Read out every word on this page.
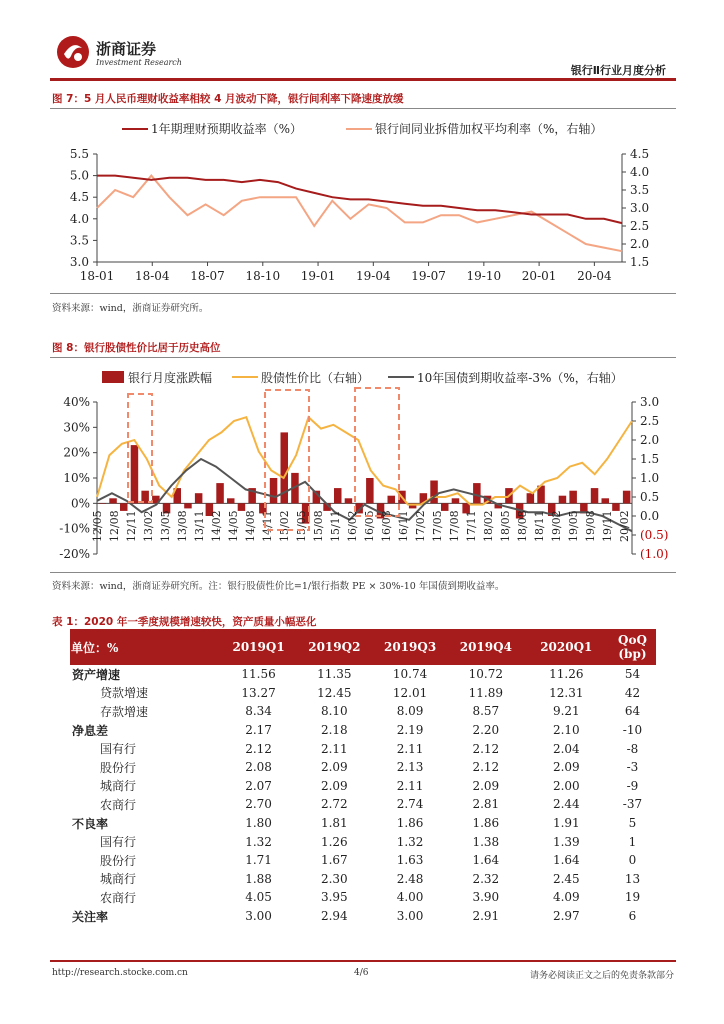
浙商证券
Investment Research
银行Ⅱ行业月度分析
图 7：5 月人民币理财收益率相较 4 月波动下降，银行间利率下降速度放缓
1年期理财预期收益率（%）	银行间同业拆借加权平均利率（%，右轴）
3.0
3.5
4.0
4.5
5.0
5.5
1.5
2.0
2.5
3.0
3.5
4.0
4.5
18-01 18-04 18-07 18-10 19-01 19-04 19-07 19-10 20-01 20-04
资料来源：wind，浙商证券研究所。
图 8：银行股债性价比居于历史高位
银行月度涨跌幅	股债性价比（右轴）	10年国债到期收益率-3%（%，右轴）
-20%
-10%
0%
10%
20%
30%
40%
(1.0)
(0.5)
0.0
0.5
1.0
1.5
2.0
2.5
3.0
12/05 12/08 12/11 13/02 13/05 13/08 13/11 14/02 14/05 14/08 14/11 15/02 15/05 15/08 15/11 16/02 16/05 16/08 16/11 17/02 17/05 17/08 17/11 18/02 18/05 18/08 18/11 19/02 19/05 19/08 19/11 20/02
资料来源：wind，浙商证券研究所。注：银行股债性价比=1/银行指数 PE × 30%-10 年国债到期收益率。
表 1：2020 年一季度规模增速较快，资产质量小幅恶化
单位：%	2019Q1	2019Q2	2019Q3	2019Q4	2020Q1	QoQ
(bp)

资产增速	11.56	11.35	10.74	10.72	11.26	54
贷款增速	13.27	12.45	12.01	11.89	12.31	42
存款增速	8.34	8.10	8.09	8.57	9.21	64
净息差	2.17	2.18	2.19	2.20	2.10	-10
国有行	2.12	2.11	2.11	2.12	2.04	-8
股份行	2.08	2.09	2.13	2.12	2.09	-3
城商行	2.07	2.09	2.11	2.09	2.00	-9
农商行	2.70	2.72	2.74	2.81	2.44	-37
不良率	1.80	1.81	1.86	1.86	1.91	5
国有行	1.32	1.26	1.32	1.38	1.39	1
股份行	1.71	1.67	1.63	1.64	1.64	0
城商行	1.88	2.30	2.48	2.32	2.45	13
农商行	4.05	3.95	4.00	3.90	4.09	19
关注率	3.00	2.94	3.00	2.91	2.97	6
http://research.stocke.com.cn	4/6	请务必阅读正文之后的免责条款部分
